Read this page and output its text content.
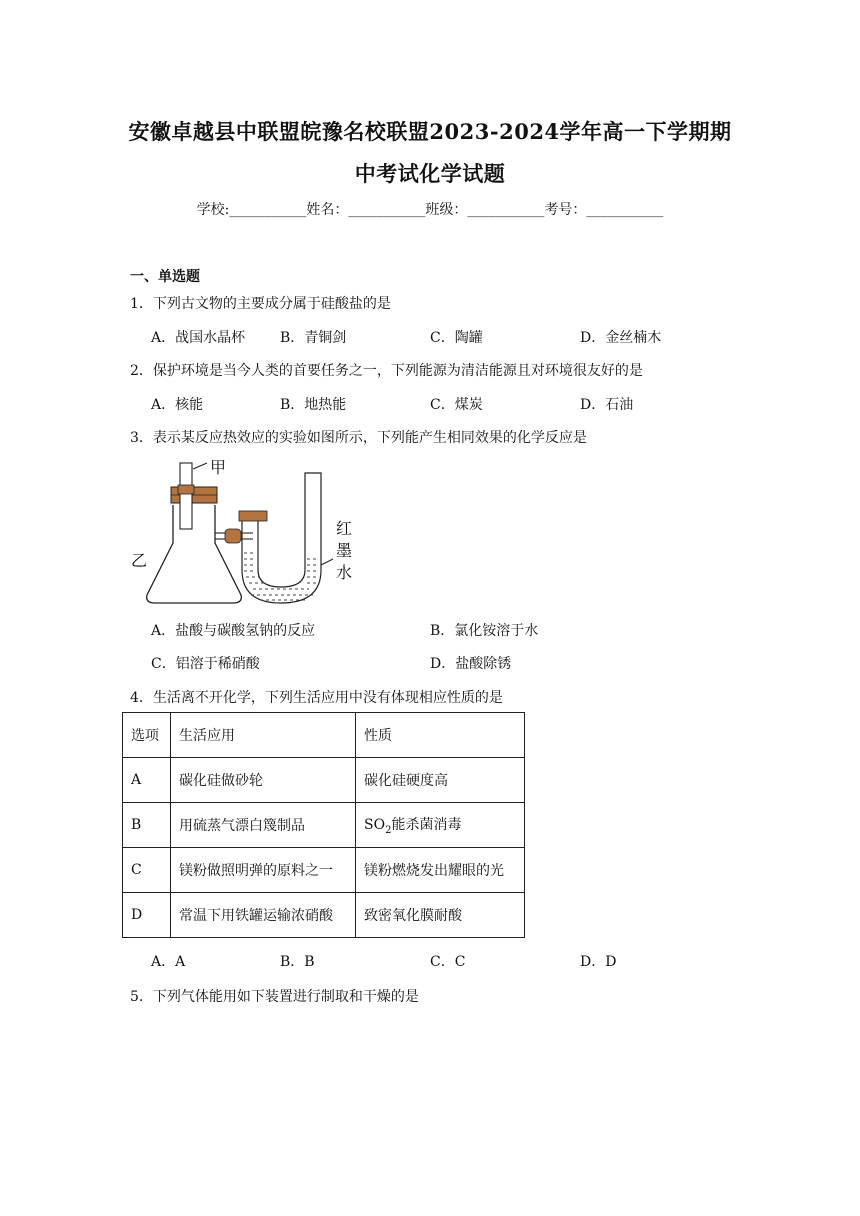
安徽卓越县中联盟皖豫名校联盟2023-2024学年高一下学期期
中考试化学试题
学校:___________姓名：___________班级：___________考号：___________
一、单选题
1．下列古文物的主要成分属于硅酸盐的是
A．战国水晶杯 B．青铜剑	C．陶罐	D．金丝楠木
2．保护环境是当今人类的首要任务之一，下列能源为清洁能源且对环境很友好的是
A．核能	B．地热能	C．煤炭	D．石油
3．表示某反应热效应的实验如图所示，下列能产生相同效果的化学反应是
甲
乙
红
墨
水
A．盐酸与碳酸氢钠的反应	B．氯化铵溶于水
C．铝溶于稀硝酸	D．盐酸除锈
4．生活离不开化学，下列生活应用中没有体现相应性质的是
选项	生活应用	性质
A	碳化硅做砂轮	碳化硅硬度高
B	用硫蒸气漂白篾制品	$SO_2$能杀菌消毒
C	镁粉做照明弹的原料之一	镁粉燃烧发出耀眼的光
D	常温下用铁罐运输浓硝酸	致密氧化膜耐酸
A．A	B．B	C．C	D．D
5．下列气体能用如下装置进行制取和干燥的是
